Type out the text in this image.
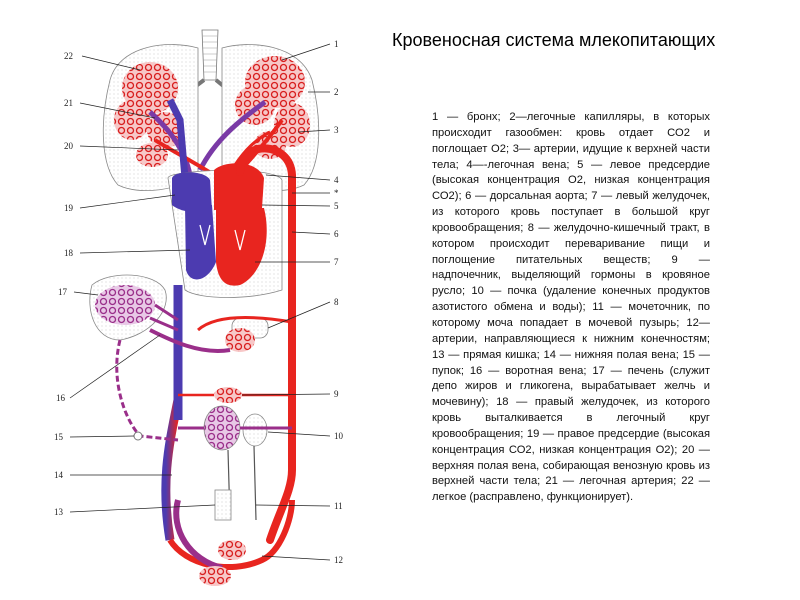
Кровеносная система млекопитающих
1 — бронх; 2—легочные капилляры, в которых происходит газообмен: кровь отдает СО2 и поглощает О2; 3— артерии, идущие к верхней части тела; 4—-легочная вена; 5 — левое предсердие (высокая концентрация О2, низкая концентрация СО2); 6 — дорсальная аорта; 7 — левый желудочек, из которого кровь поступает в большой круг кровообращения; 8 — желудочно-кишечный тракт, в котором происходит переваривание пищи и поглощение питательных веществ; 9 — надпочечник, выделяющий гормоны в кровяное русло; 10 — почка (удаление конечных продуктов азотистого обмена и воды); 11 — мочеточник, по которому моча попадает в мочевой пузырь; 12—артерии, направляющиеся к нижним конечностям; 13 — прямая кишка; 14 — нижняя полая вена; 15 — пупок; 16 — воротная вена; 17 — печень (служит депо жиров и гликогена, вырабатывает желчь и мочевину); 18 — правый желудочек, из которого кровь выталкивается в легочный круг кровообращения; 19 — правое предсердие (высокая концентрация СО2, низкая концентрация О2); 20 — верхняя полая вена, собирающая венозную кровь из верхней части тела; 21 — легочная артерия; 22 — легкое (расправлено, функционирует).
1
2
3
4
*
5
6
7
8
9
10
11
12
22
21
20
19
18
17
16
15
14
13
